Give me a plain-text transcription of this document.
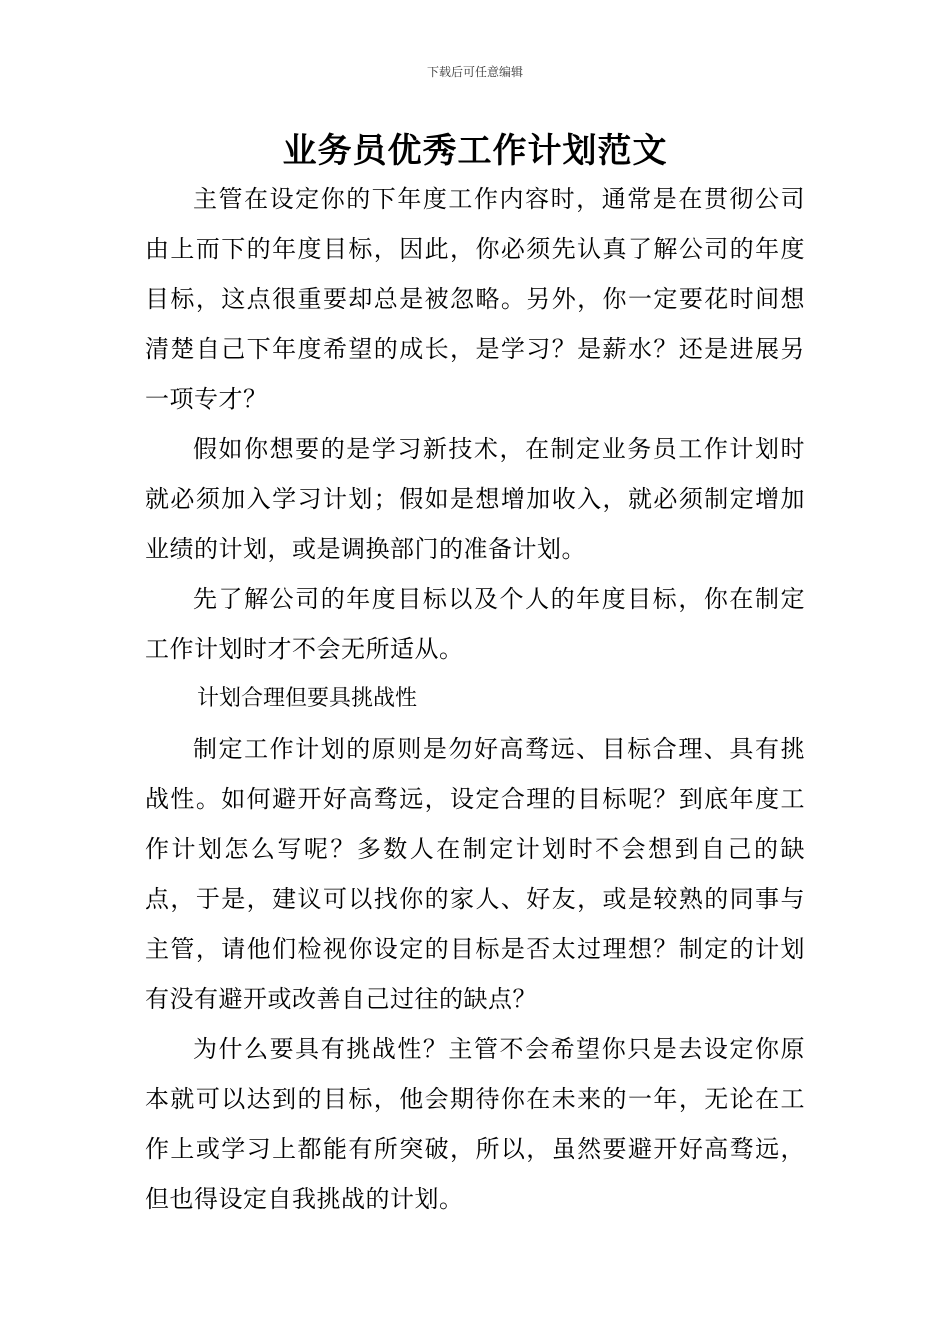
下载后可任意编辑
业务员优秀工作计划范文

主管在设定你的下年度工作内容时，通常是在贯彻公司由上而下的年度目标，因此，你必须先认真了解公司的年度目标，这点很重要却总是被忽略。另外，你一定要花时间想清楚自己下年度希望的成长，是学习？是薪水？还是进展另一项专才？

假如你想要的是学习新技术，在制定业务员工作计划时就必须加入学习计划；假如是想增加收入，就必须制定增加业绩的计划，或是调换部门的准备计划。

先了解公司的年度目标以及个人的年度目标，你在制定工作计划时才不会无所适从。

计划合理但要具挑战性

制定工作计划的原则是勿好高骛远、目标合理、具有挑战性。如何避开好高骛远，设定合理的目标呢？到底年度工作计划怎么写呢？多数人在制定计划时不会想到自己的缺点，于是，建议可以找你的家人、好友，或是较熟的同事与主管，请他们检视你设定的目标是否太过理想？制定的计划有没有避开或改善自己过往的缺点？

为什么要具有挑战性？主管不会希望你只是去设定你原本就可以达到的目标，他会期待你在未来的一年，无论在工作上或学习上都能有所突破，所以，虽然要避开好高骛远，但也得设定自我挑战的计划。
